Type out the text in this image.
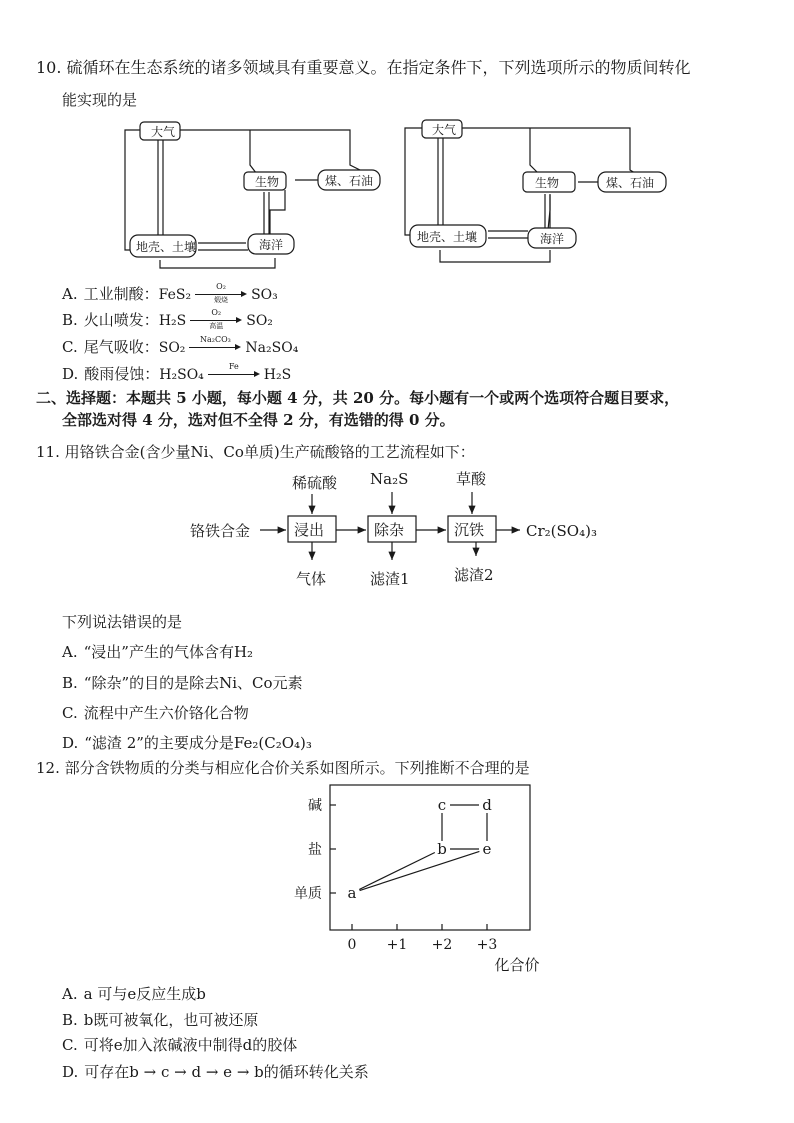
10. 硫循环在生态系统的诸多领域具有重要意义。在指定条件下，下列选项所示的物质间转化
能实现的是
大气
生物	煤、石油
地壳、土壤	海洋
大气
生物	煤、石油
地壳、土壤	海洋
A. 工业制酸：FeS₂
O₂
煅烧	SO₃
B. 火山喷发：H₂S
O₂
高温	SO₂
C. 尾气吸收：SO₂
Na₂CO₃
Na₂SO₄
D. 酸雨侵蚀：H₂SO₄
Fe
H₂S
二、选择题：本题共 5 小题，每小题 4 分，共 20 分。每小题有一个或两个选项符合题目要求，
全部选对得 4 分，选对但不全得 2 分，有选错的得 0 分。
11. 用铬铁合金(含少量Ni、Co单质)生产硫酸铬的工艺流程如下：
铬铁合金	浸出	除杂	沉铁	Cr₂(SO₄)₃
稀硫酸 Na₂S	草酸
气体	滤渣1	滤渣2
下列说法错误的是
A. “浸出”产生的气体含有H₂
B. “除杂”的目的是除去Ni、Co元素
C. 流程中产生六价铬化合物
D. “滤渣 2”的主要成分是Fe₂(C₂O₄)₃
12. 部分含铁物质的分类与相应化合价关系如图所示。下列推断不合理的是
单质
盐
碱
0 +1 +2 +3
化合价
a
b e
c d
A. a 可与e反应生成b
B. b既可被氧化，也可被还原
C. 可将e加入浓碱液中制得d的胶体
D. 可存在b → c → d → e → b的循环转化关系
